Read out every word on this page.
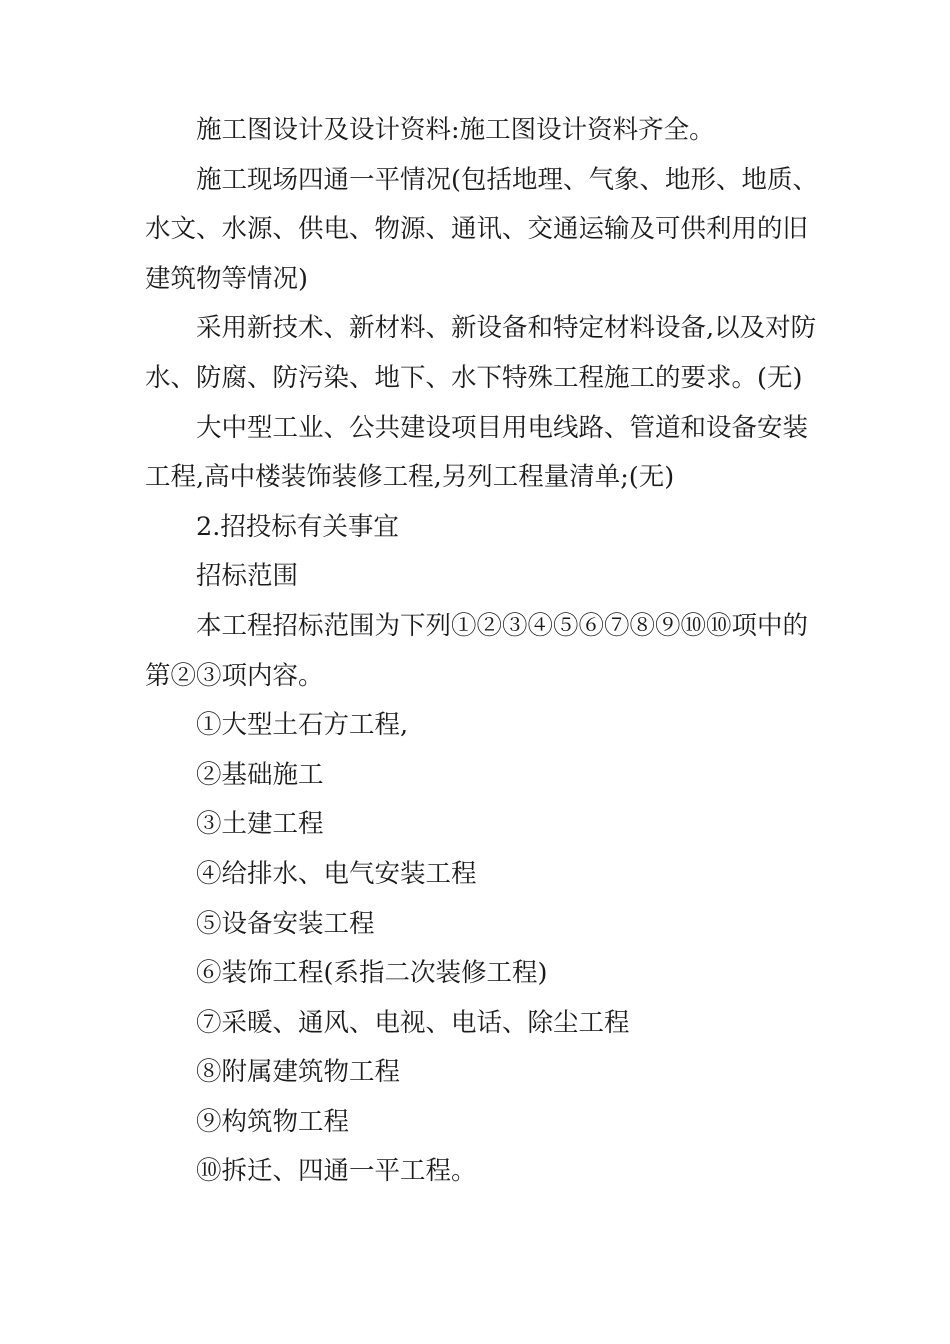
施工图设计及设计资料:施工图设计资料齐全。

施工现场四通一平情况(包括地理、气象、地形、地质、水文、水源、供电、物源、通讯、交通运输及可供利用的旧建筑物等情况)

采用新技术、新材料、新设备和特定材料设备,以及对防水、防腐、防污染、地下、水下特殊工程施工的要求。(无)

大中型工业、公共建设项目用电线路、管道和设备安装工程,高中楼装饰装修工程,另列工程量清单;(无)

2.招投标有关事宜

招标范围

本工程招标范围为下列①②③④⑤⑥⑦⑧⑨⑩⑩项中的第②③项内容。

①大型土石方工程,

②基础施工

③土建工程

④给排水、电气安装工程

⑤设备安装工程

⑥装饰工程(系指二次装修工程)

⑦采暖、通风、电视、电话、除尘工程

⑧附属建筑物工程

⑨构筑物工程

⑩拆迁、四通一平工程。
